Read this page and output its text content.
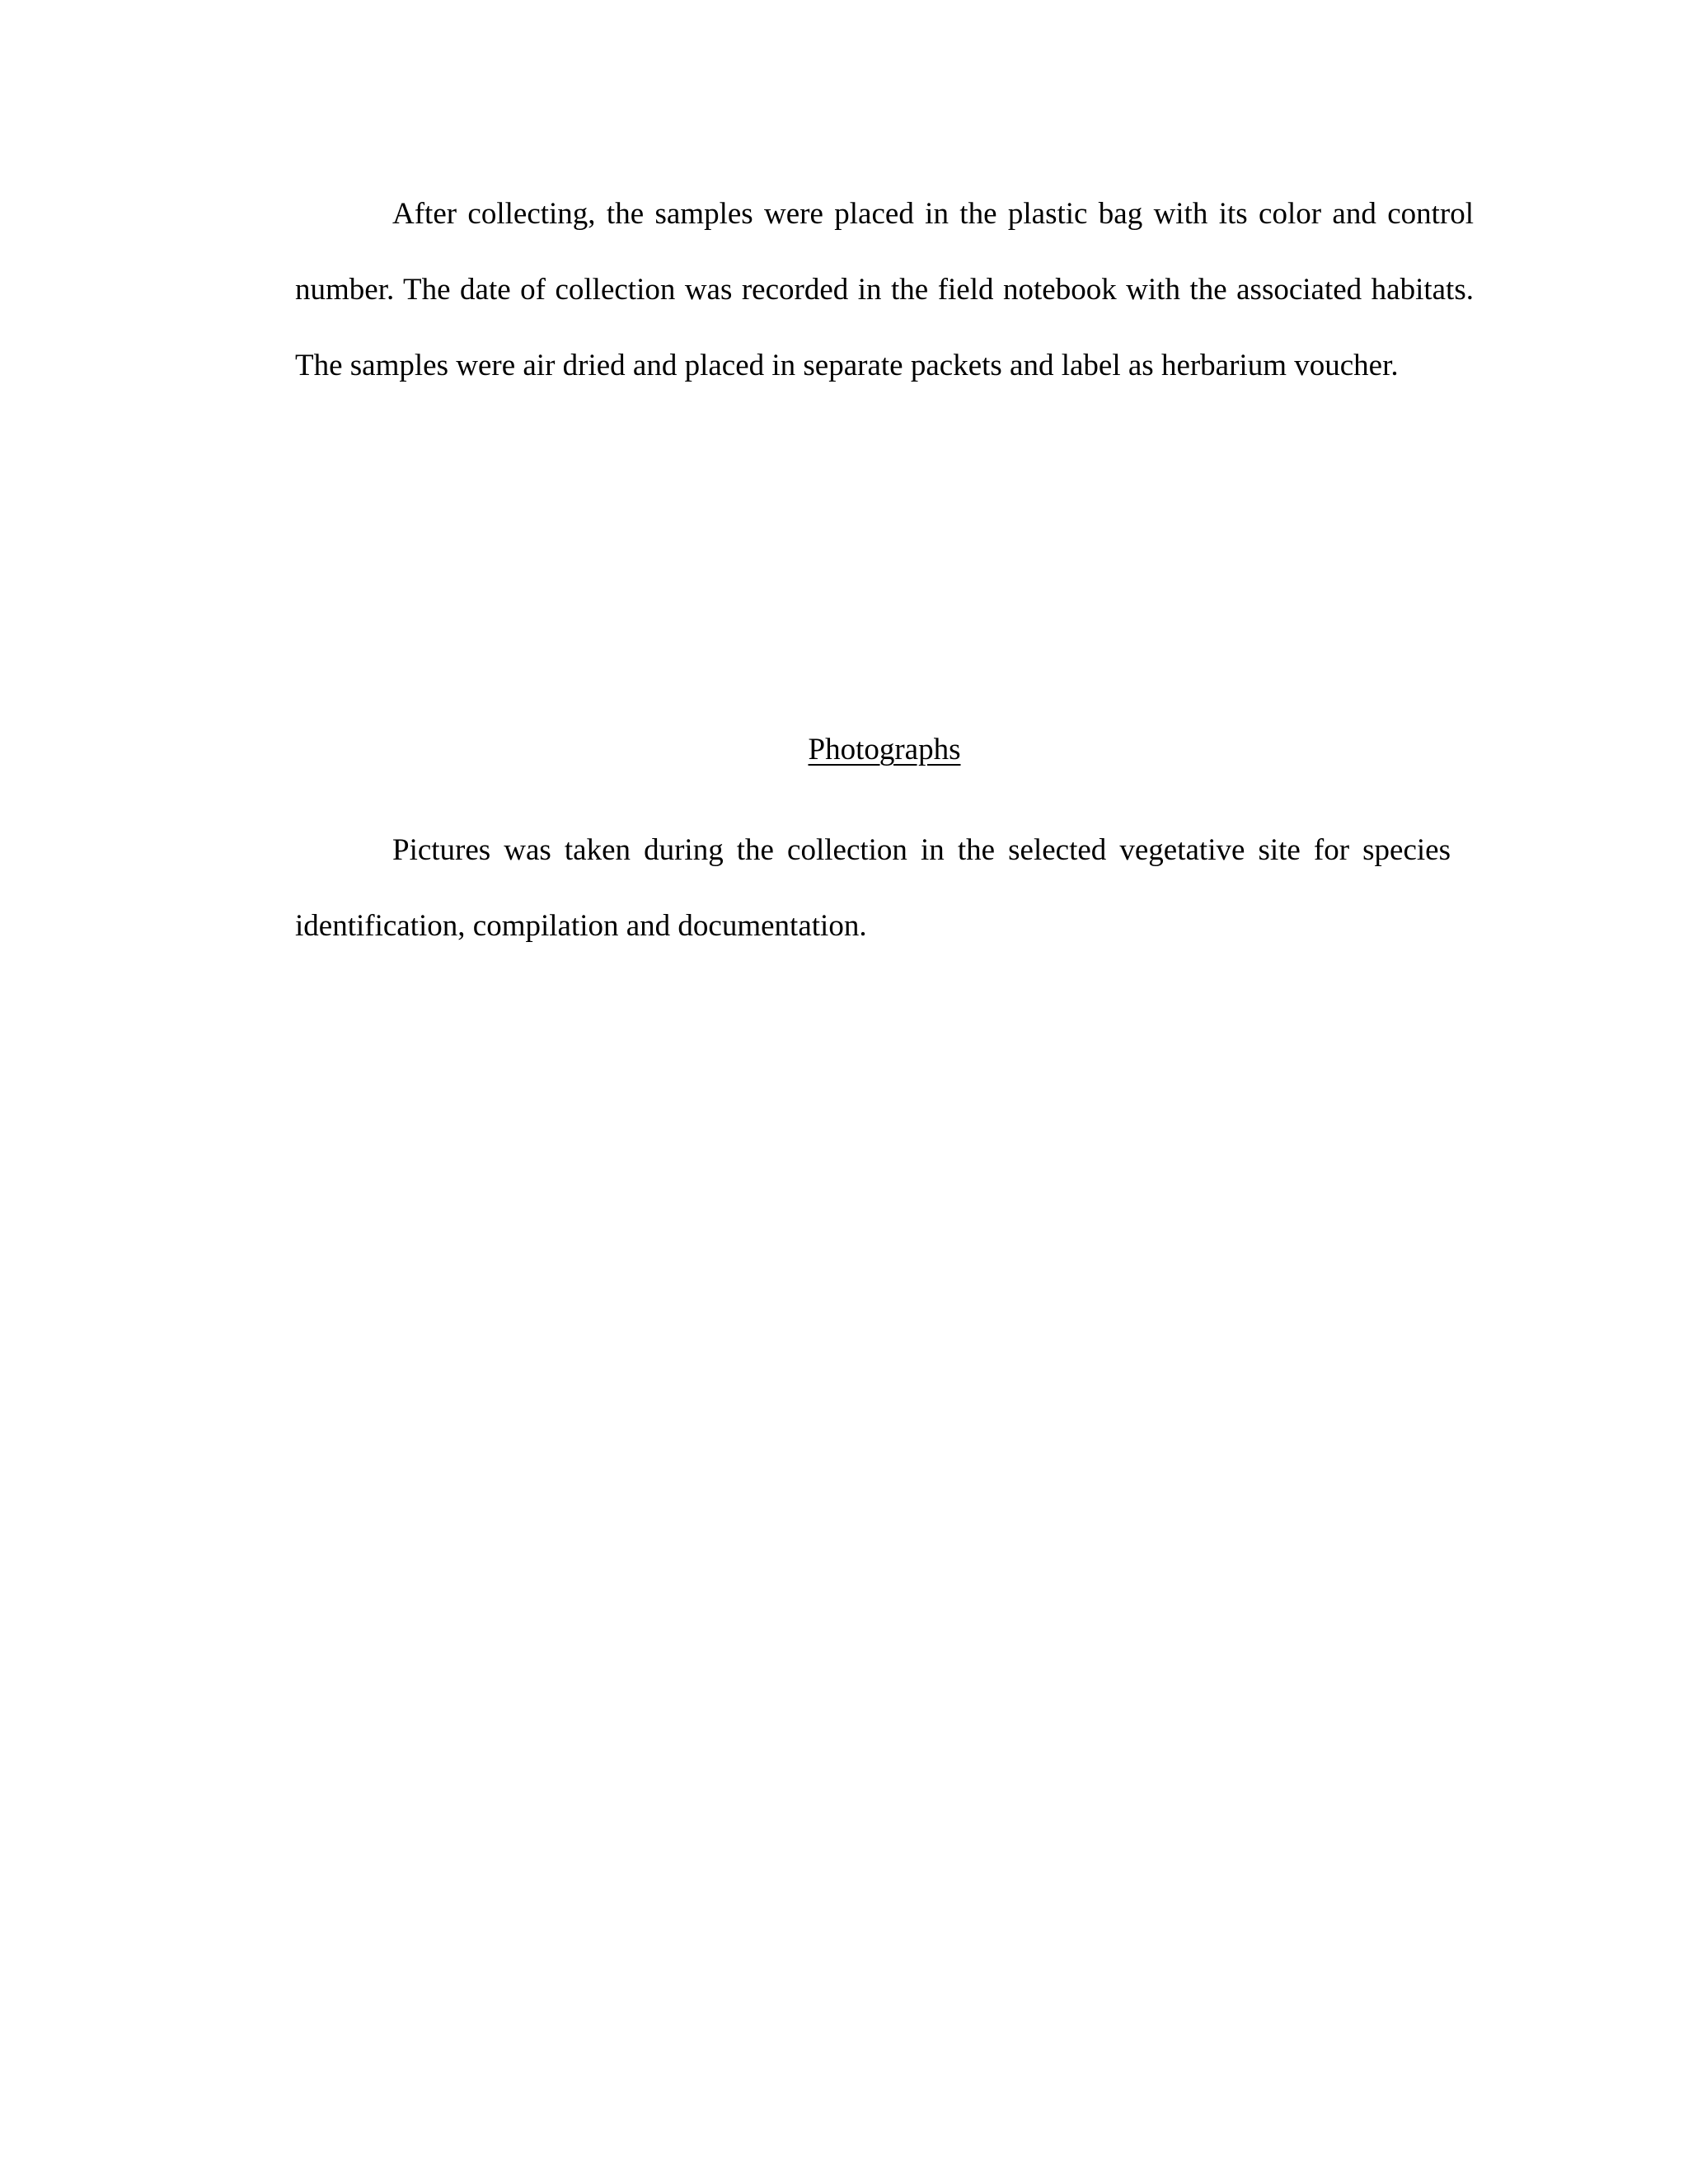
After collecting, the samples were placed in the plastic bag with its color and control number. The date of collection was recorded in the field notebook with the associated habitats. The samples were air dried and placed in separate packets and label as herbarium voucher.

Photographs

Pictures was taken during the collection in the selected vegetative site for species identification, compilation and documentation.
